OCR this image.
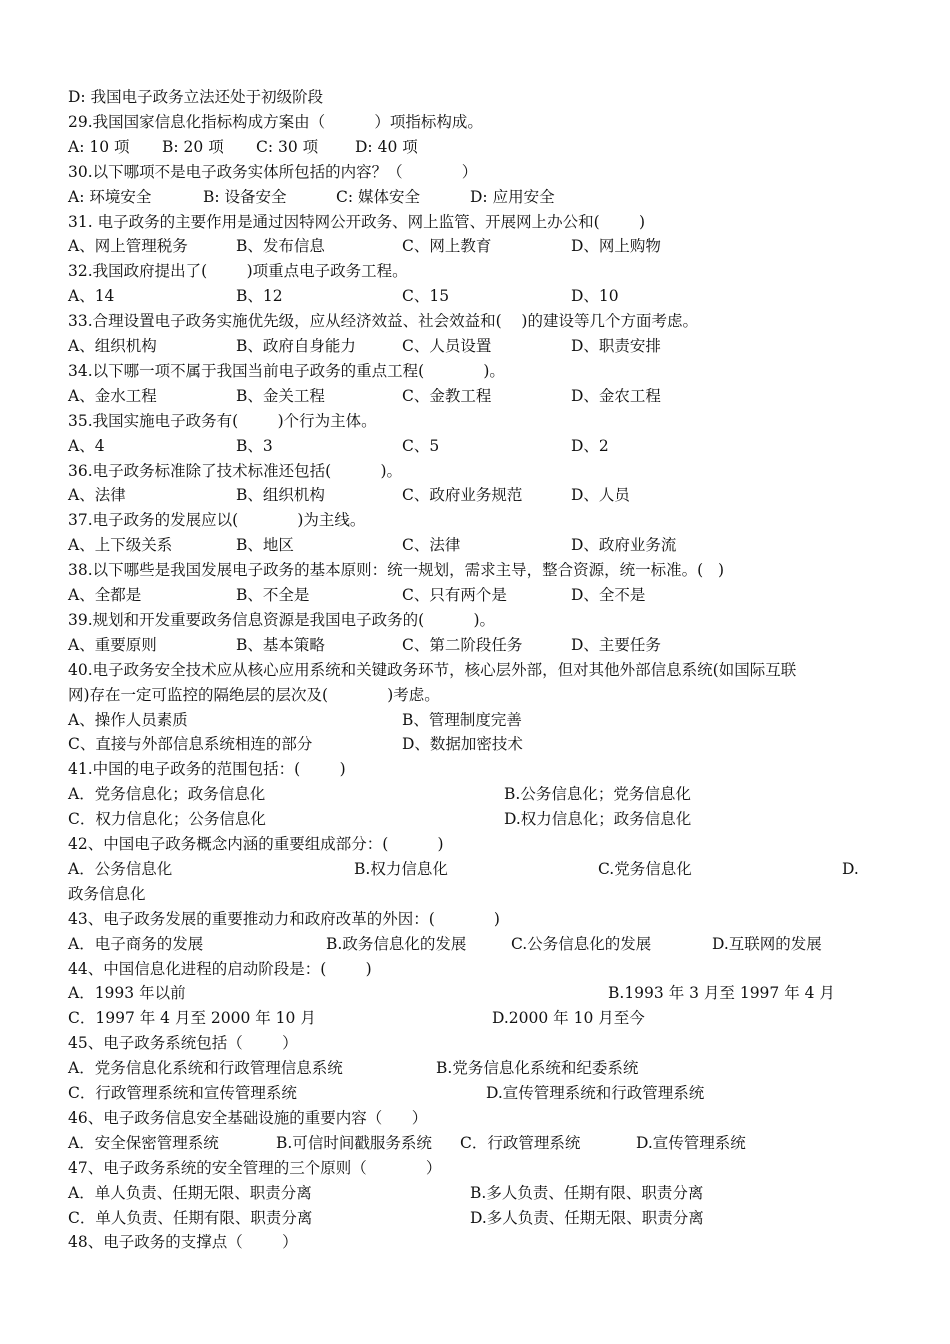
D: 我国电子政务立法还处于初级阶段
29.我国国家信息化指标构成方案由（          ）项指标构成。
A: 10 项 B: 20 项 C: 30 项 D: 40 项
30.以下哪项不是电子政务实体所包括的内容？（            ）
A: 环境安全	B: 设备安全	C: 媒体安全	D: 应用安全
31. 电子政务的主要作用是通过因特网公开政务、网上监管、开展网上办公和(        )
A、网上管理税务	B、发布信息	C、网上教育	D、网上购物
32.我国政府提出了(        )项重点电子政务工程。
A、14	B、12	C、15	D、10
33.合理设置电子政务实施优先级，应从经济效益、社会效益和(    )的建设等几个方面考虑。
A、组织机构	B、政府自身能力	C、人员设置	D、职责安排
34.以下哪一项不属于我国当前电子政务的重点工程(            )。
A、金水工程	B、金关工程	C、金教工程	D、金农工程
35.我国实施电子政务有(        )个行为主体。
A、4	B、3	C、5	D、2
36.电子政务标准除了技术标准还包括(          )。
A、法律	B、组织机构	C、政府业务规范	D、人员
37.电子政务的发展应以(            )为主线。
A、上下级关系	B、地区	C、法律	D、政府业务流
38.以下哪些是我国发展电子政务的基本原则：统一规划，需求主导，整合资源，统一标准。(   )
A、全都是	B、不全是	C、只有两个是	D、全不是
39.规划和开发重要政务信息资源是我国电子政务的(          )。
A、重要原则	B、基本策略	C、第二阶段任务	D、主要任务
40.电子政务安全技术应从核心应用系统和关键政务环节，核心层外部，但对其他外部信息系统(如国际互联
网)存在一定可监控的隔绝层的层次及(            )考虑。
A、操作人员素质	B、管理制度完善
C、直接与外部信息系统相连的部分	D、数据加密技术
41.中国的电子政务的范围包括：(        )
A．党务信息化；政务信息化	B.公务信息化；党务信息化
C．权力信息化；公务信息化	D.权力信息化；政务信息化
42、中国电子政务概念内涵的重要组成部分：(          )
A．公务信息化	B.权力信息化	C.党务信息化	D.
政务信息化
43、电子政务发展的重要推动力和政府改革的外因：(            )
A．电子商务的发展	B.政务信息化的发展	C.公务信息化的发展	D.互联网的发展
44、中国信息化进程的启动阶段是：(        )
A．1993 年以前	B.1993 年 3 月至 1997 年 4 月
C．1997 年 4 月至 2000 年 10 月	D.2000 年 10 月至今
45、电子政务系统包括（        ）
A．党务信息化系统和行政管理信息系统	B.党务信息化系统和纪委系统
C．行政管理系统和宣传管理系统	D.宣传管理系统和行政管理系统
46、电子政务信息安全基础设施的重要内容（      ）
A．安全保密管理系统	B.可信时间戳服务系统 C．行政管理系统	D.宣传管理系统
47、电子政务系统的安全管理的三个原则（            ）
A．单人负责、任期无限、职责分离	B.多人负责、任期有限、职责分离
C．单人负责、任期有限、职责分离	D.多人负责、任期无限、职责分离
48、电子政务的支撑点（        ）
